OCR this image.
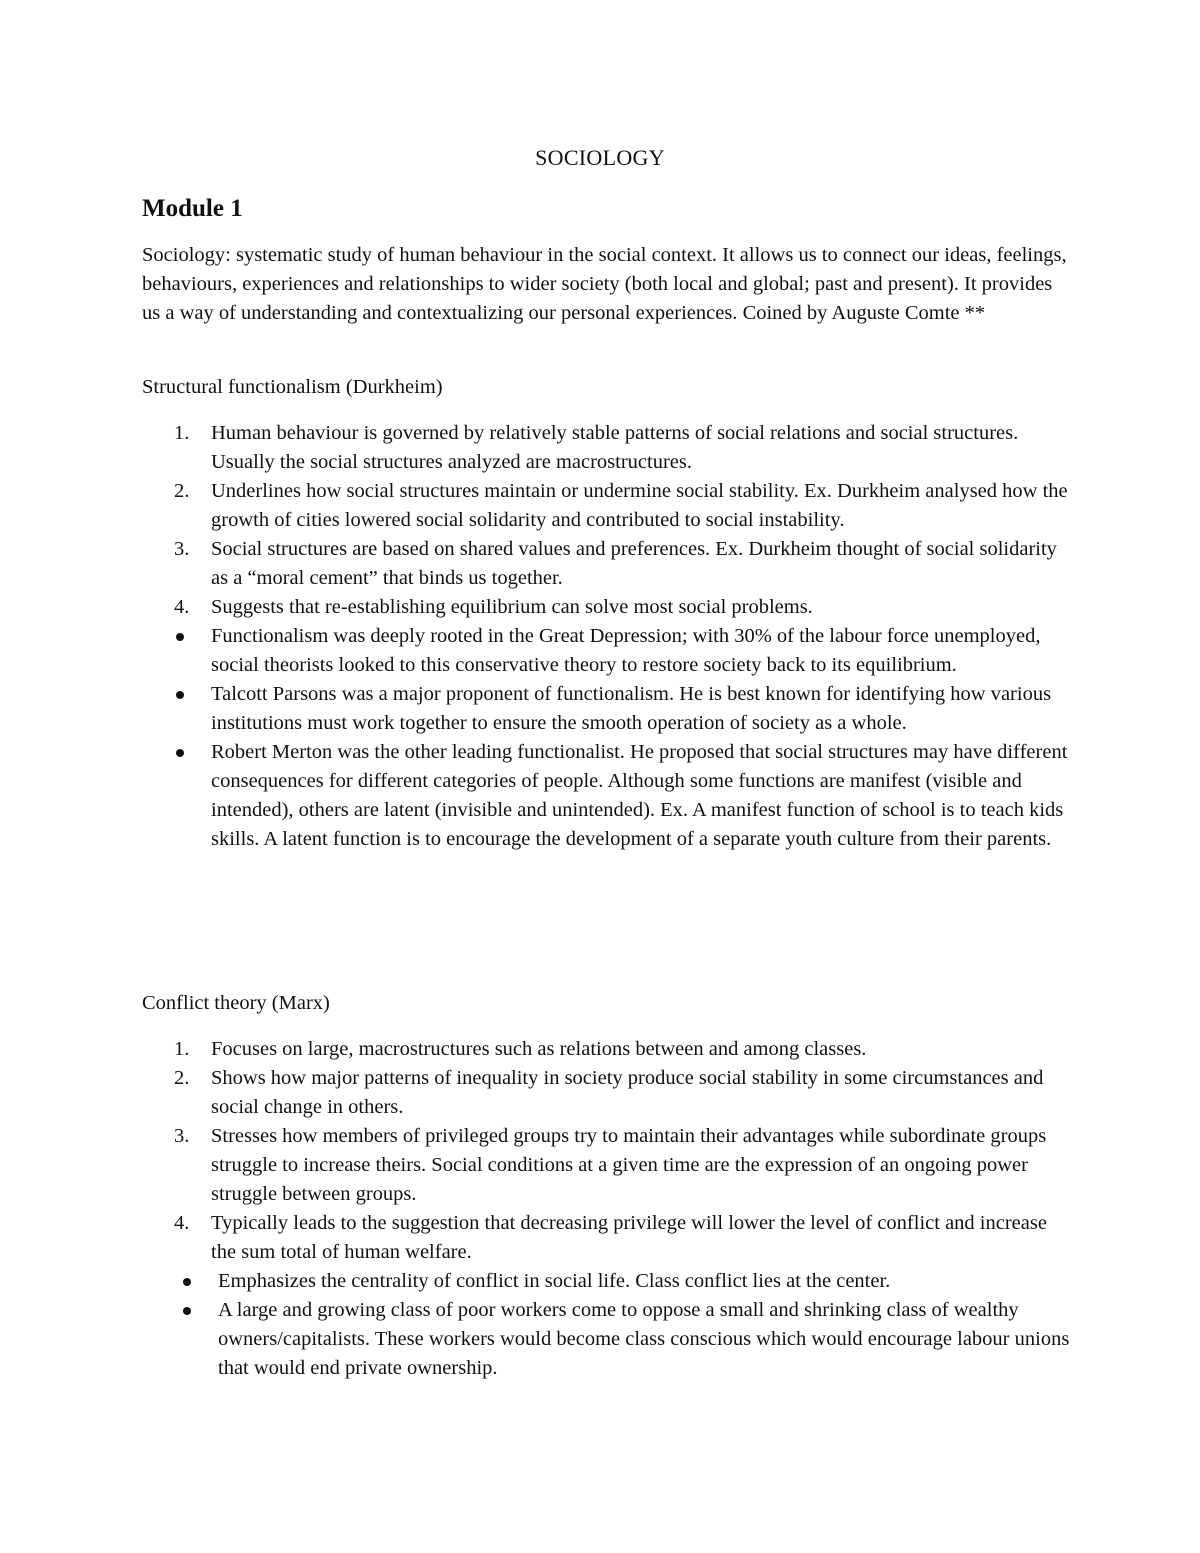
SOCIOLOGY
Module 1

Sociology: systematic study of human behaviour in the social context. It allows us to connect our ideas, feelings, behaviours, experiences and relationships to wider society (both local and global; past and present). It provides us a way of understanding and contextualizing our personal experiences. Coined by Auguste Comte **

Structural functionalism (Durkheim)
1. Human behaviour is governed by relatively stable patterns of social relations and social structures. Usually the social structures analyzed are macrostructures.
2. Underlines how social structures maintain or undermine social stability. Ex. Durkheim analysed how the growth of cities lowered social solidarity and contributed to social instability.
3. Social structures are based on shared values and preferences. Ex. Durkheim thought of social solidarity as a “moral cement” that binds us together.
4. Suggests that re-establishing equilibrium can solve most social problems.
Functionalism was deeply rooted in the Great Depression; with 30% of the labour force unemployed, social theorists looked to this conservative theory to restore society back to its equilibrium.
Talcott Parsons was a major proponent of functionalism. He is best known for identifying how various institutions must work together to ensure the smooth operation of society as a whole.
Robert Merton was the other leading functionalist. He proposed that social structures may have different consequences for different categories of people. Although some functions are manifest (visible and intended), others are latent (invisible and unintended). Ex. A manifest function of school is to teach kids skills. A latent function is to encourage the development of a separate youth culture from their parents.
Conflict theory (Marx)
1. Focuses on large, macrostructures such as relations between and among classes.
2. Shows how major patterns of inequality in society produce social stability in some circumstances and social change in others.
3. Stresses how members of privileged groups try to maintain their advantages while subordinate groups struggle to increase theirs. Social conditions at a given time are the expression of an ongoing power struggle between groups.
4. Typically leads to the suggestion that decreasing privilege will lower the level of conflict and increase the sum total of human welfare.
Emphasizes the centrality of conflict in social life. Class conflict lies at the center.
A large and growing class of poor workers come to oppose a small and shrinking class of wealthy owners/capitalists. These workers would become class conscious which would encourage labour unions that would end private ownership.
